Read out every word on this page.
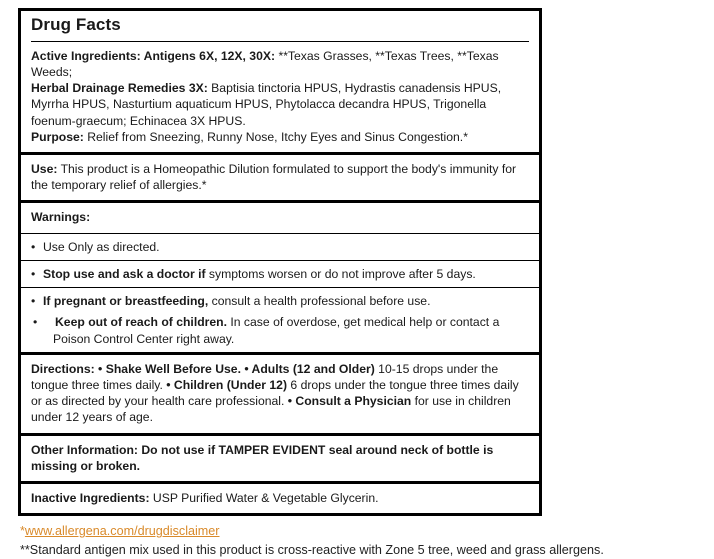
Drug Facts

Active Ingredients: Antigens 6X, 12X, 30X: **Texas Grasses, **Texas Trees, **Texas Weeds;

Herbal Drainage Remedies 3X: Baptisia tinctoria HPUS, Hydrastis canadensis HPUS, Myrrha HPUS, Nasturtium aquaticum HPUS, Phytolacca decandra HPUS, Trigonella foenum-graecum; Echinacea 3X HPUS.

Purpose: Relief from Sneezing, Runny Nose, Itchy Eyes and Sinus Congestion.*

Use: This product is a Homeopathic Dilution formulated to support the body's immunity for the temporary relief of allergies.*

Warnings:

• Use Only as directed.
• Stop use and ask a doctor if symptoms worsen or do not improve after 5 days.
• If pregnant or breastfeeding, consult a health professional before use.
• Keep out of reach of children. In case of overdose, get medical help or contact a Poison Control Center right away.

Directions: • Shake Well Before Use. • Adults (12 and Older) 10-15 drops under the tongue three times daily. • Children (Under 12) 6 drops under the tongue three times daily or as directed by your health care professional. • Consult a Physician for use in children under 12 years of age.

Other Information: Do not use if TAMPER EVIDENT seal around neck of bottle is missing or broken.

Inactive Ingredients: USP Purified Water & Vegetable Glycerin.

*www.allergena.com/drugdisclaimer
**Standard antigen mix used in this product is cross-reactive with Zone 5 tree, weed and grass allergens.
